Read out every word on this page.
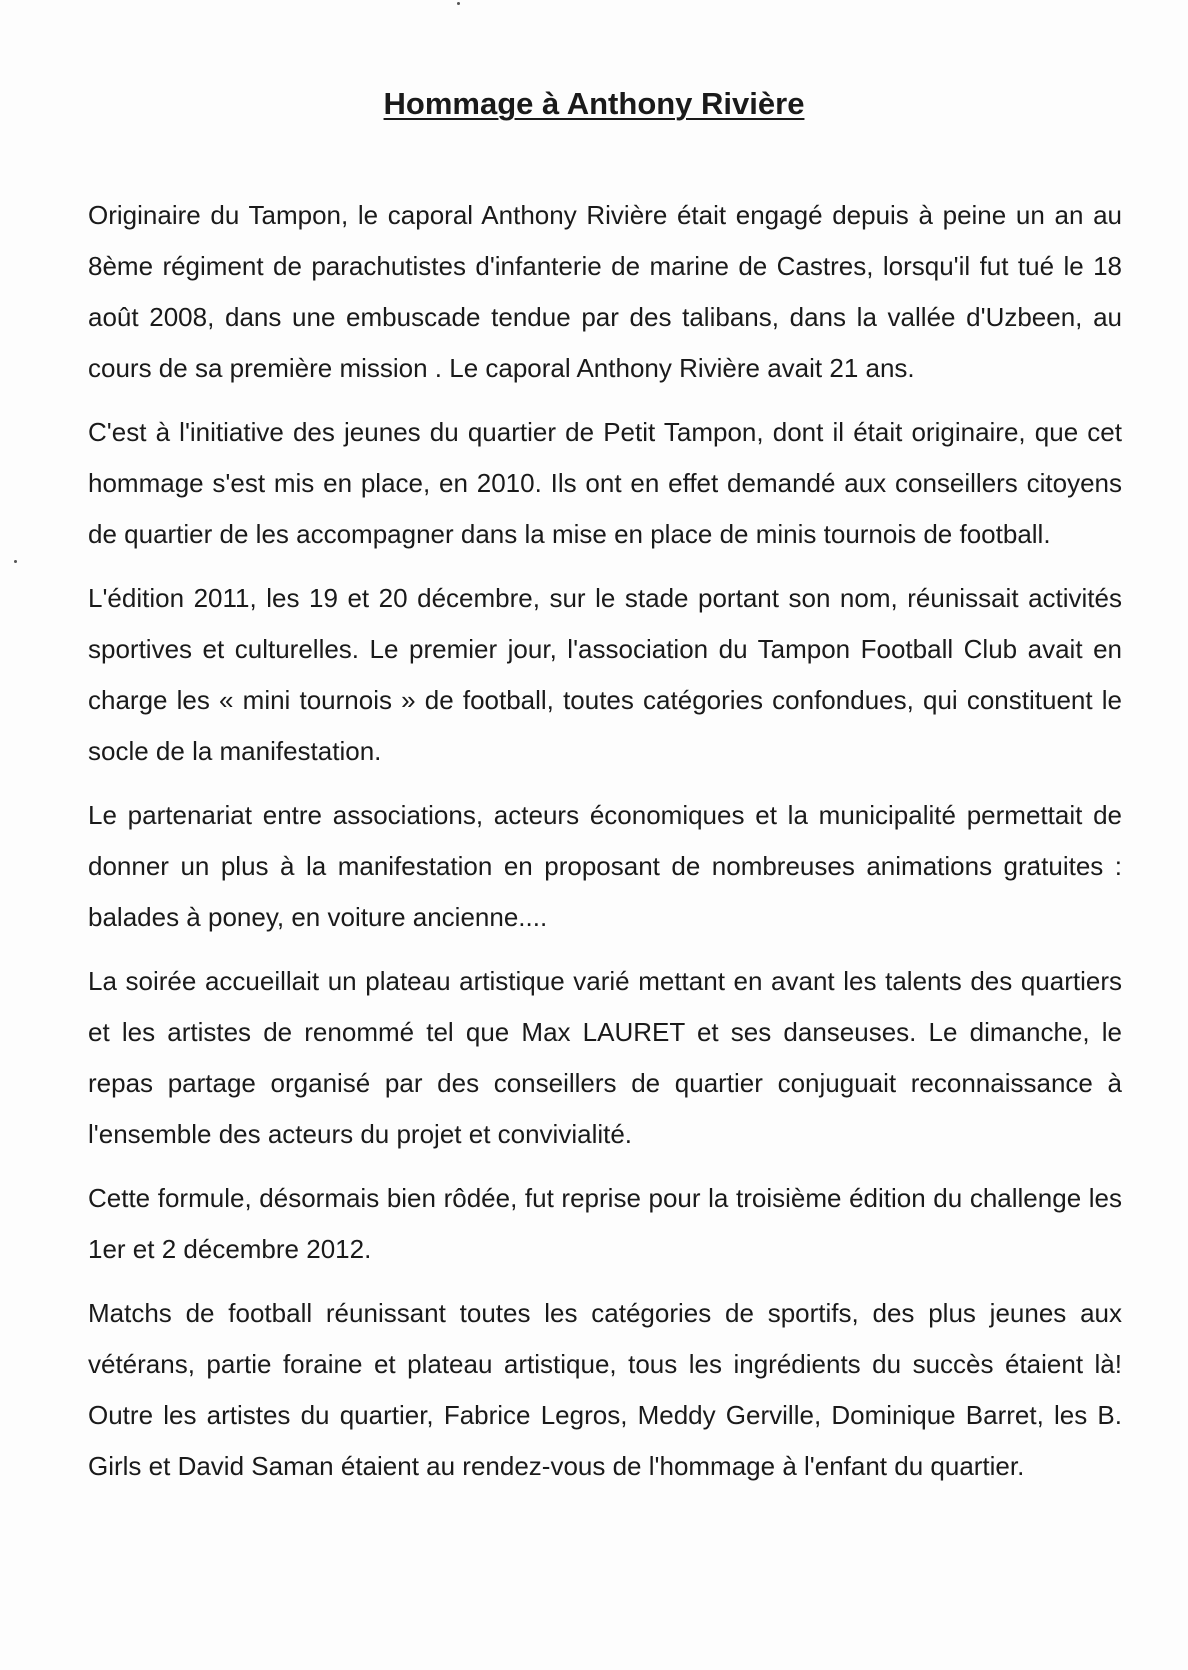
Hommage à Anthony Rivière

Originaire du Tampon, le caporal Anthony Rivière était engagé depuis à peine un an au 8ème régiment de parachutistes d'infanterie de marine de Castres, lorsqu'il fut tué le 18 août 2008, dans une embuscade tendue par des talibans, dans la vallée d'Uzbeen, au cours de sa première mission . Le caporal Anthony Rivière avait 21 ans.

C'est à l'initiative des jeunes du quartier de Petit Tampon, dont il était originaire, que cet hommage s'est mis en place, en 2010. Ils ont en effet demandé aux conseillers citoyens de quartier de les accompagner dans la mise en place de minis tournois de football.

L'édition 2011, les 19 et 20 décembre, sur le stade portant son nom, réunissait activités sportives et culturelles. Le premier jour, l'association du Tampon Football Club avait en charge les « mini tournois » de football, toutes catégories confondues, qui constituent le socle de la manifestation.

Le partenariat entre associations, acteurs économiques et la municipalité permettait de donner un plus à la manifestation en proposant de nombreuses animations gratuites : balades à poney, en voiture ancienne....

La soirée accueillait un plateau artistique varié mettant en avant les talents des quartiers et les artistes de renommé tel que Max LAURET et ses danseuses. Le dimanche, le repas partage organisé par des conseillers de quartier conjuguait reconnaissance à l'ensemble des acteurs du projet et convivialité.

Cette formule, désormais bien rôdée, fut reprise pour la troisième édition du challenge les 1er et 2 décembre 2012.

Matchs de football réunissant toutes les catégories de sportifs, des plus jeunes aux vétérans, partie foraine et plateau artistique, tous les ingrédients du succès étaient là! Outre les artistes du quartier, Fabrice Legros, Meddy Gerville, Dominique Barret, les B. Girls et David Saman étaient au rendez-vous de l'hommage à l'enfant du quartier.
